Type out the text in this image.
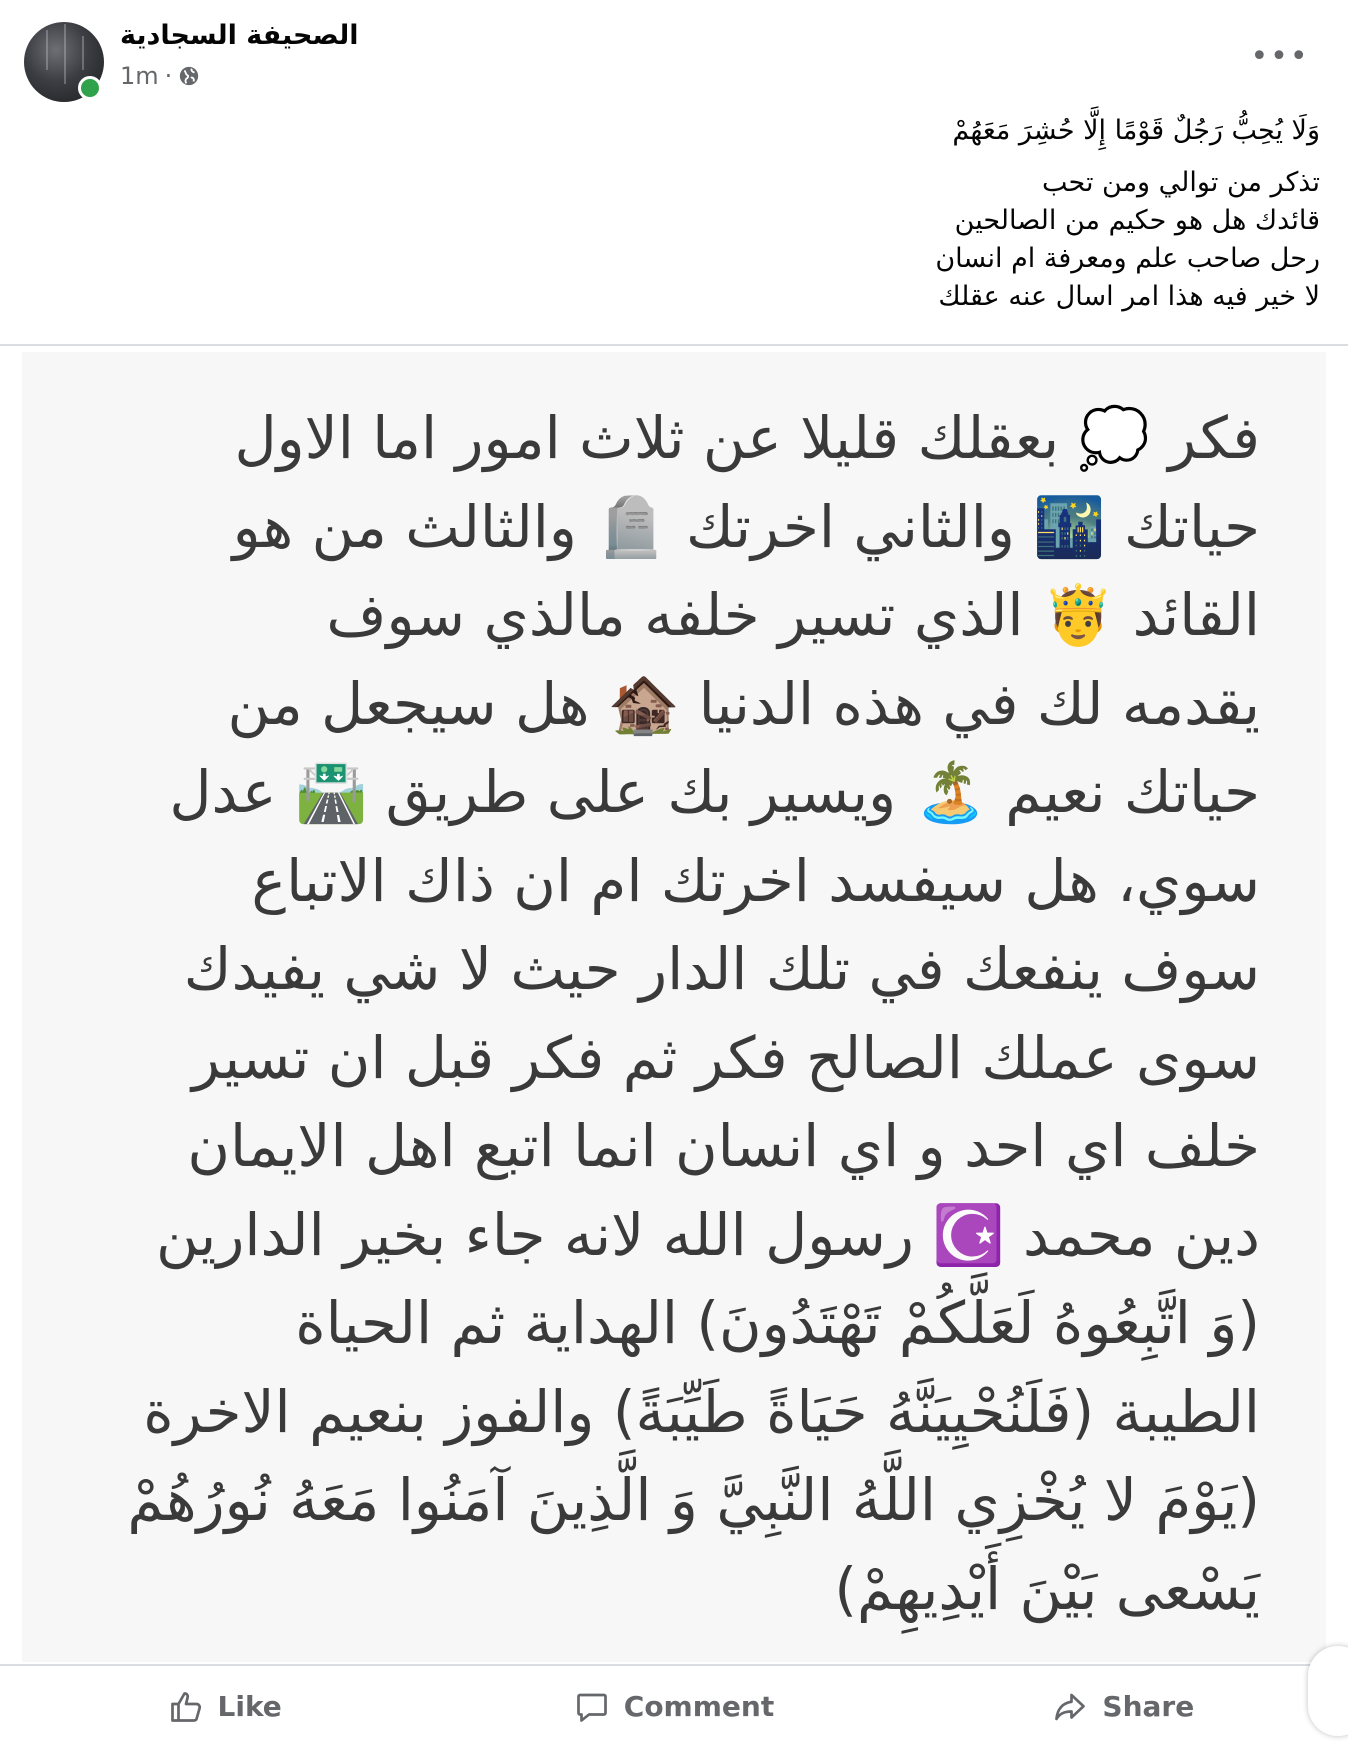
الصحيفة السجادية
1m ·
•••
وَلَا يُحِبُّ رَجُلٌ قَوْمًا إِلَّا حُشِرَ مَعَهُمْ
تذكر من توالي ومن تحب
قائدك هل هو حكيم من الصالحين
رحل صاحب علم ومعرفة ام انسان
لا خير فيه هذا امر اسال عنه عقلك
فكر 💭 بعقلك قليلا عن ثلاث امور اما الاول
حياتك 🌃 والثاني اخرتك 🪦 والثالث من هو
القائد 🤴 الذي تسير خلفه مالذي سوف
يقدمه لك في هذه الدنيا 🏚️ هل سيجعل من
حياتك نعيم 🏝️ ويسير بك على طريق 🛣️ عدل
سوي، هل سيفسد اخرتك ام ان ذاك الاتباع
سوف ينفعك في تلك الدار حيث لا شي يفيدك
سوى عملك الصالح فكر ثم فكر قبل ان تسير
خلف اي احد و اي انسان انما اتبع اهل الايمان
دين محمد ☪️ رسول الله لانه جاء بخير الدارين
(وَ اتَّبِعُوهُ لَعَلَّكُمْ تَهْتَدُونَ) الهداية ثم الحياة
الطيبة (فَلَنُحْيِيَنَّهُ حَيَاةً طَيِّبَةً) والفوز بنعيم الاخرة
(يَوْمَ لا يُخْزِي اللَّهُ النَّبِيَّ وَ الَّذِينَ آمَنُوا مَعَهُ نُورُهُمْ
يَسْعى بَيْنَ أَيْدِيهِمْ)
Like	Comment	Share
